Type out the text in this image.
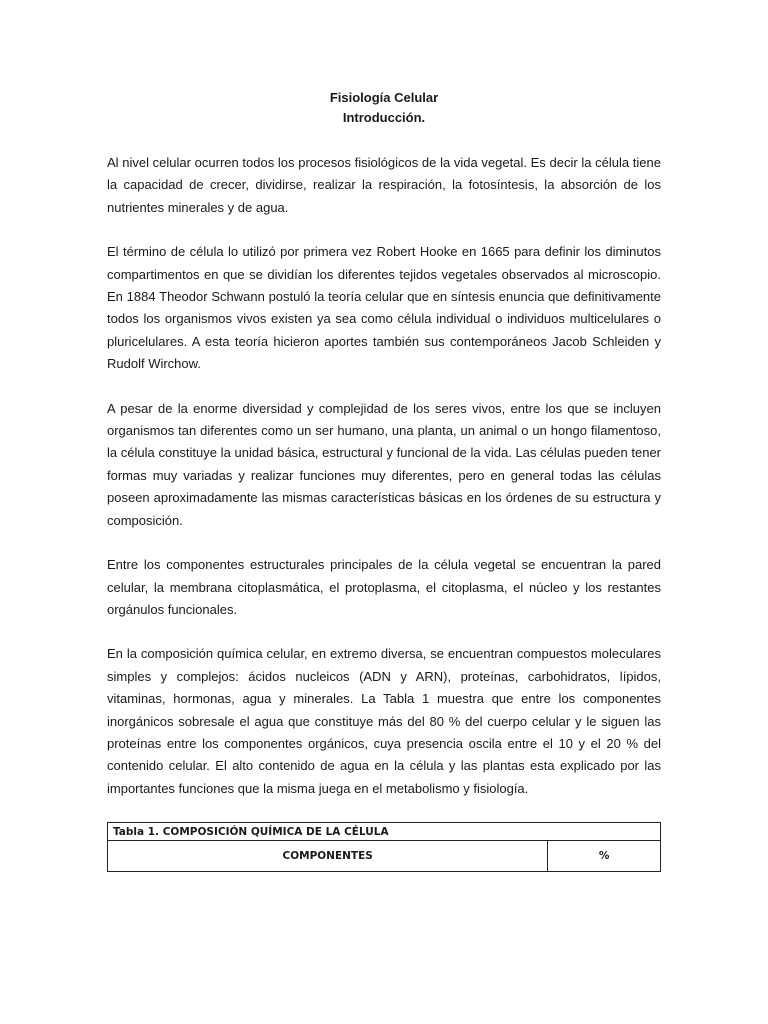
Fisiología Celular
Introducción.

Al nivel celular ocurren todos los procesos fisiológicos de la vida vegetal. Es decir la célula tiene la capacidad de crecer, dividirse, realizar la respiración, la fotosíntesis, la absorción de los nutrientes minerales y de agua.

El término de célula lo utilizó por primera vez Robert Hooke en 1665 para definir los diminutos compartimentos en que se dividían los diferentes tejidos vegetales observados al microscopio. En 1884 Theodor Schwann postuló la teoría celular que en síntesis enuncia que definitivamente todos los organismos vivos existen ya sea como célula individual o individuos multicelulares o pluricelulares. A esta teoría hicieron aportes también sus contemporáneos Jacob Schleiden y Rudolf Wirchow.

A pesar de la enorme diversidad y complejidad de los seres vivos, entre los que se incluyen organismos tan diferentes como un ser humano, una planta, un animal o un hongo filamentoso, la célula constituye la unidad básica, estructural y funcional de la vida. Las células pueden tener formas muy variadas y realizar funciones muy diferentes, pero en general todas las células poseen aproximadamente las mismas características básicas en los órdenes de su estructura y composición.

Entre los componentes estructurales principales de la célula vegetal se encuentran la pared celular, la membrana citoplasmática, el protoplasma, el citoplasma, el núcleo y los restantes orgánulos funcionales.

En la composición química celular, en extremo diversa, se encuentran compuestos moleculares simples y complejos: ácidos nucleicos (ADN y ARN), proteínas, carbohidratos, lípidos, vitaminas, hormonas, agua y minerales. La Tabla 1 muestra que entre los componentes inorgánicos sobresale el agua que constituye más del 80 % del cuerpo celular y le siguen las proteínas entre los componentes orgánicos, cuya presencia oscila entre el 10 y el 20 % del contenido celular. El alto contenido de agua en la célula y las plantas esta explicado por las importantes funciones que la misma juega en el metabolismo y fisiología.

Tabla 1. COMPOSICIÓN QUÍMICA DE LA CÉLULA
COMPONENTES	%
